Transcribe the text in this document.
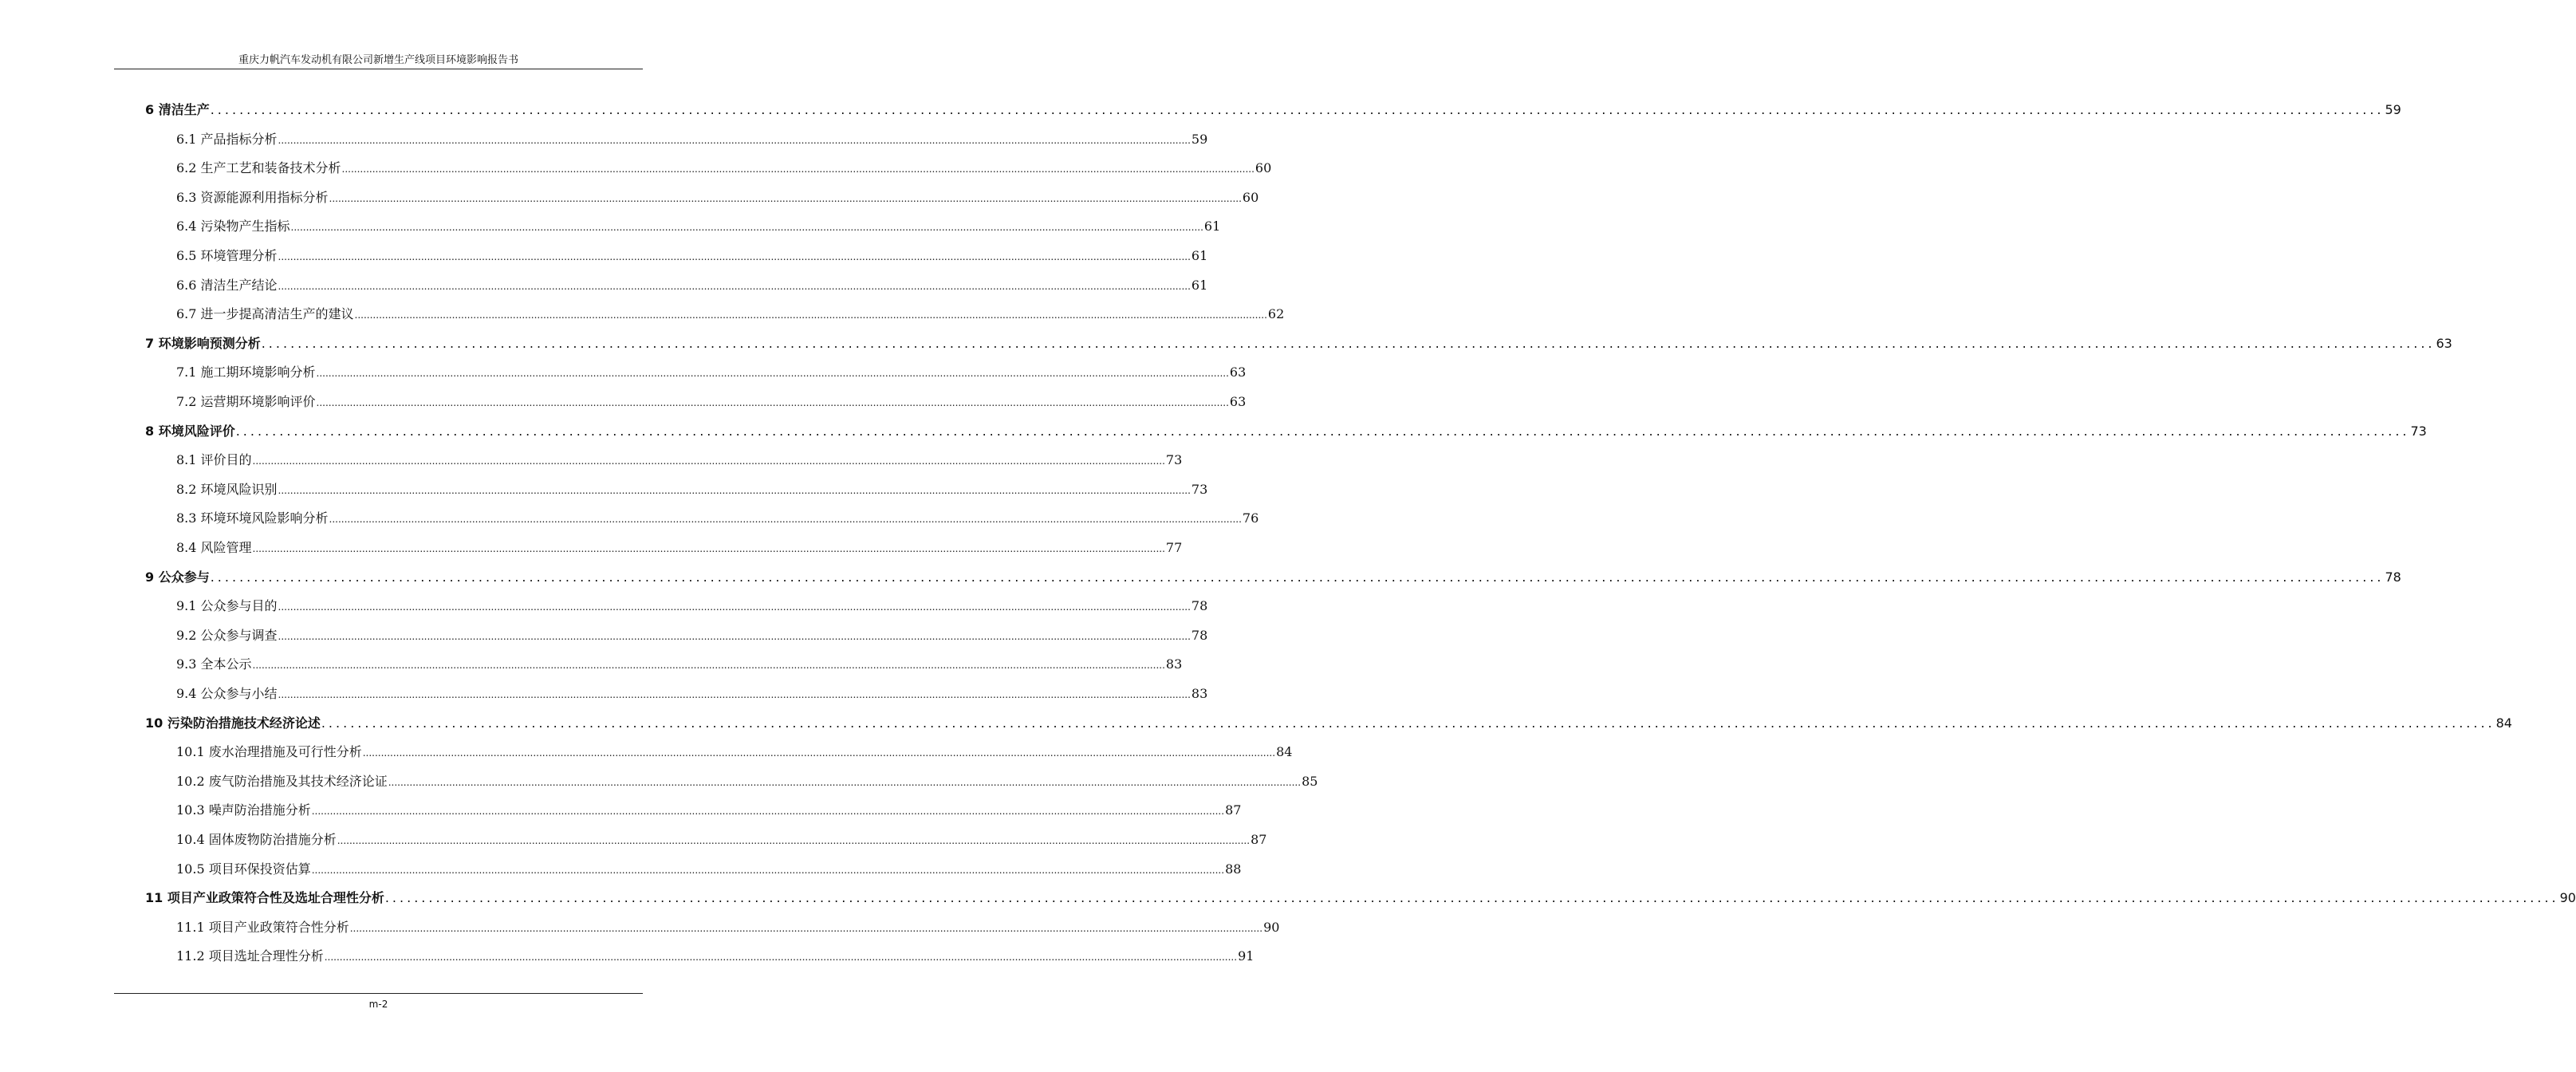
重庆力帆汽车发动机有限公司新增生产线项目环境影响报告书
6 清洁生产 ............................................................................................................................................................................................................................................................................................................ 59
6.1 产品指标分析 ............................................................................................................................................................................................................................................................................................................ 59
6.2 生产工艺和装备技术分析 ............................................................................................................................................................................................................................................................................................................ 60
6.3 资源能源利用指标分析 ............................................................................................................................................................................................................................................................................................................ 60
6.4 污染物产生指标 ............................................................................................................................................................................................................................................................................................................ 61
6.5 环境管理分析 ............................................................................................................................................................................................................................................................................................................ 61
6.6 清洁生产结论 ............................................................................................................................................................................................................................................................................................................ 61
6.7 进一步提高清洁生产的建议 ............................................................................................................................................................................................................................................................................................................ 62
7 环境影响预测分析 ............................................................................................................................................................................................................................................................................................................ 63
7.1 施工期环境影响分析 ............................................................................................................................................................................................................................................................................................................ 63
7.2 运营期环境影响评价 ............................................................................................................................................................................................................................................................................................................ 63
8 环境风险评价 ............................................................................................................................................................................................................................................................................................................ 73
8.1 评价目的 ............................................................................................................................................................................................................................................................................................................ 73
8.2 环境风险识别 ............................................................................................................................................................................................................................................................................................................ 73
8.3 环境环境风险影响分析 ............................................................................................................................................................................................................................................................................................................ 76
8.4 风险管理 ............................................................................................................................................................................................................................................................................................................ 77
9 公众参与 ............................................................................................................................................................................................................................................................................................................ 78
9.1 公众参与目的 ............................................................................................................................................................................................................................................................................................................ 78
9.2 公众参与调查 ............................................................................................................................................................................................................................................................................................................ 78
9.3 全本公示 ............................................................................................................................................................................................................................................................................................................ 83
9.4 公众参与小结 ............................................................................................................................................................................................................................................................................................................ 83
10 污染防治措施技术经济论述 ............................................................................................................................................................................................................................................................................................................ 84
10.1 废水治理措施及可行性分析 ............................................................................................................................................................................................................................................................................................................ 84
10.2 废气防治措施及其技术经济论证 ............................................................................................................................................................................................................................................................................................................ 85
10.3 噪声防治措施分析 ............................................................................................................................................................................................................................................................................................................ 87
10.4 固体废物防治措施分析 ............................................................................................................................................................................................................................................................................................................ 87
10.5 项目环保投资估算 ............................................................................................................................................................................................................................................................................................................ 88
11 项目产业政策符合性及选址合理性分析 ............................................................................................................................................................................................................................................................................................................ 90
11.1 项目产业政策符合性分析 ............................................................................................................................................................................................................................................................................................................ 90
11.2 项目选址合理性分析 ............................................................................................................................................................................................................................................................................................................ 91
m-2
